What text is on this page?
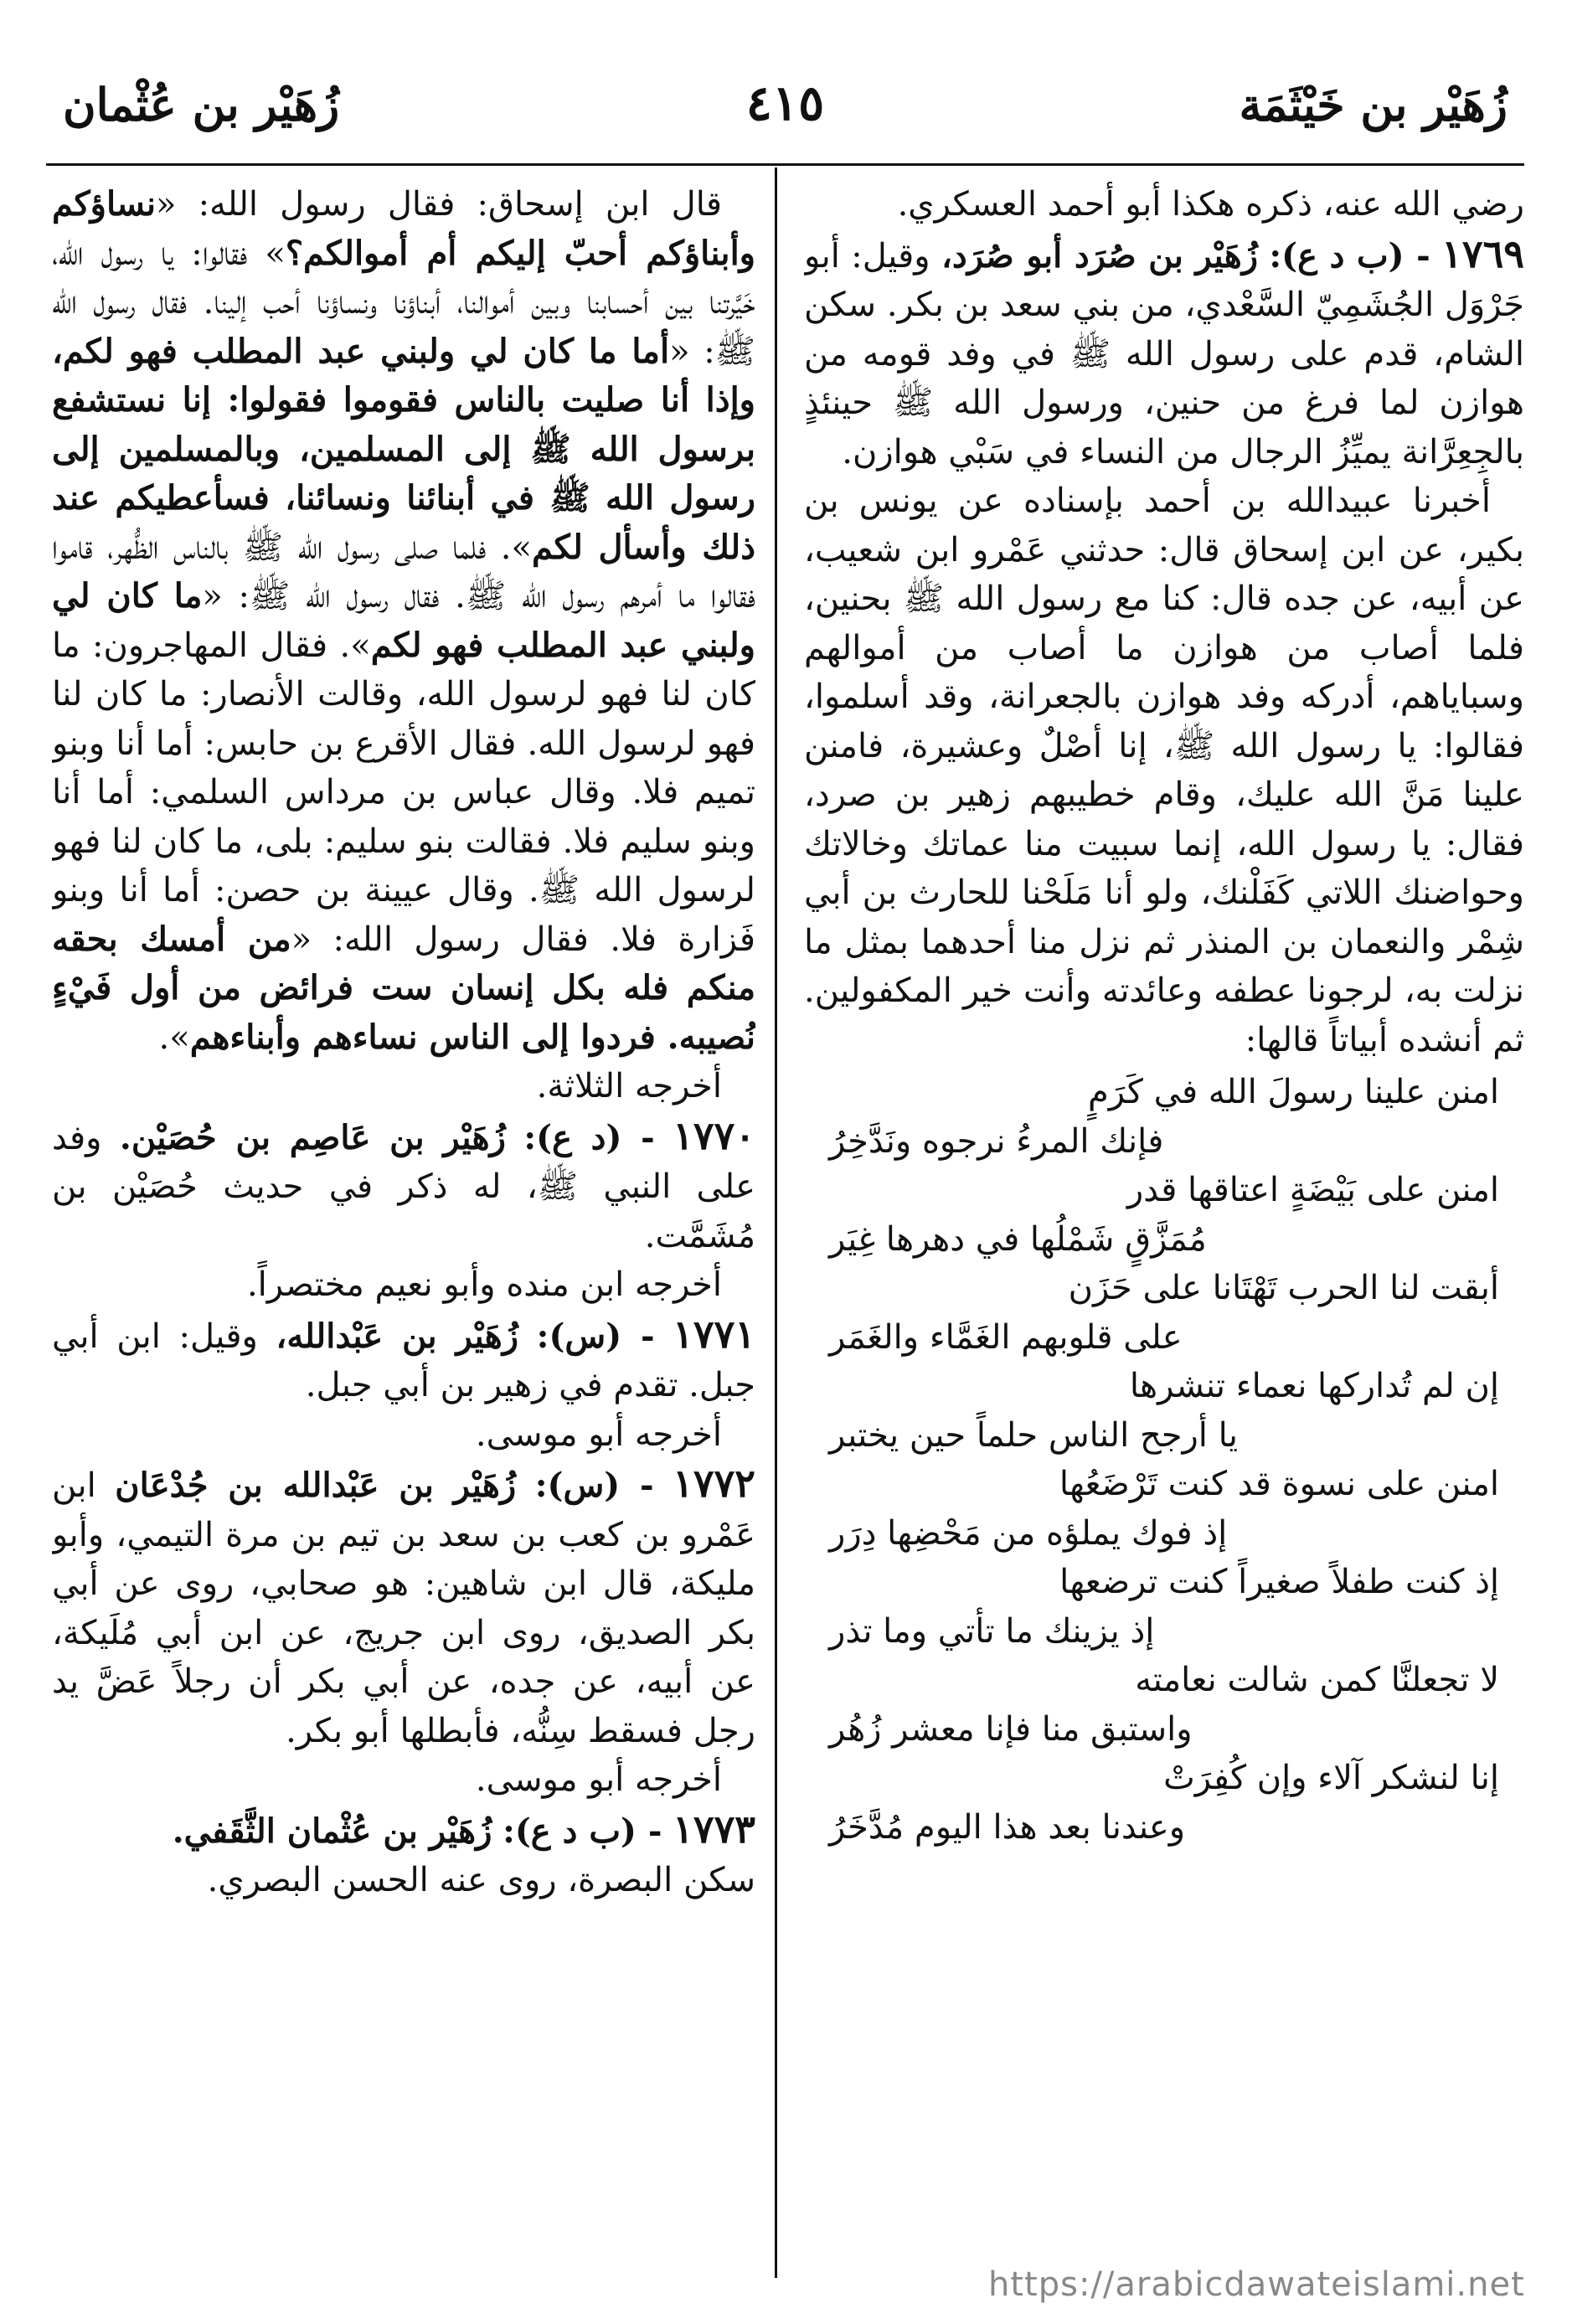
زُهَيْر بن خَيْثَمَة
٤١٥
زُهَيْر بن عُثْمان

رضي الله عنه، ذكره هكذا أبو أحمد العسكري.

١٧٦٩ - (ب د ع): زُهَيْر بن صُرَد أبو صُرَد، وقيل: أبو جَرْوَل الجُشَمِيّ السَّعْدي، من بني سعد بن بكر. سكن الشام، قدم على رسول الله ﷺ في وفد قومه من هوازن لما فرغ من حنين، ورسول الله ﷺ حينئذٍ بالجِعِرَّانة يميِّزُ الرجال من النساء في سَبْي هوازن.

أخبرنا عبيدالله بن أحمد بإسناده عن يونس بن بكير، عن ابن إسحاق قال: حدثني عَمْرو ابن شعيب، عن أبيه، عن جده قال: كنا مع رسول الله ﷺ بحنين، فلما أصاب من هوازن ما أصاب من أموالهم وسباياهم، أدركه وفد هوازن بالجعرانة، وقد أسلموا، فقالوا: يا رسول الله ﷺ، إنا أصْلٌ وعشيرة، فامنن علينا مَنَّ الله عليك، وقام خطيبهم زهير بن صرد، فقال: يا رسول الله، إنما سبيت منا عماتك وخالاتك وحواضنك اللاتي كَفَلْنك، ولو أنا مَلَحْنا للحارث بن أبي شِمْر والنعمان بن المنذر ثم نزل منا أحدهما بمثل ما نزلت به، لرجونا عطفه وعائدته وأنت خير المكفولين. ثم أنشده أبياتاً قالها:

امنن علينا رسولَ الله في كَرَمٍ
فإنك المرءُ نرجوه ونَدَّخِرُ
امنن على بَيْضَةٍ اعتاقها قدر
مُمَزَّقٍ شَمْلُها في دهرها غِيَر
أبقت لنا الحرب تَهْتَانا على حَزَن
على قلوبهم الغَمَّاء والغَمَر
إن لم تُداركها نعماء تنشرها
يا أرجح الناس حلماً حين يختبر
امنن على نسوة قد كنت تَرْضَعُها
إذ فوك يملؤه من مَحْضِها دِرَر
إذ كنت طفلاً صغيراً كنت ترضعها
إذ يزينك ما تأتي وما تذر
لا تجعلنَّا كمن شالت نعامته
واستبق منا فإنا معشر زُهُر
إنا لنشكر آلاء وإن كُفِرَتْ
وعندنا بعد هذا اليوم مُدَّخَرُ

قال ابن إسحاق: فقال رسول الله: «نساؤكم وأبناؤكم أحبّ إليكم أم أموالكم؟» فقالوا: يا رسول الله، خَيَّرتنا بين أحسابنا وبين أموالنا، أبناؤنا ونساؤنا أحب إلينا. فقال رسول الله ﷺ: «أما ما كان لي ولبني عبد المطلب فهو لكم، وإذا أنا صليت بالناس فقوموا فقولوا: إنا نستشفع برسول الله ﷺ إلى المسلمين، وبالمسلمين إلى رسول الله ﷺ في أبنائنا ونسائنا، فسأعطيكم عند ذلك وأسأل لكم». فلما صلى رسول الله ﷺ بالناس الظُّهر، قاموا فقالوا ما أمرهم رسول الله ﷺ. فقال رسول الله ﷺ: «ما كان لي ولبني عبد المطلب فهو لكم». فقال المهاجرون: ما كان لنا فهو لرسول الله، وقالت الأنصار: ما كان لنا فهو لرسول الله. فقال الأقرع بن حابس: أما أنا وبنو تميم فلا. وقال عباس بن مرداس السلمي: أما أنا وبنو سليم فلا. فقالت بنو سليم: بلى، ما كان لنا فهو لرسول الله ﷺ. وقال عيينة بن حصن: أما أنا وبنو فَزارة فلا. فقال رسول الله: «من أمسك بحقه منكم فله بكل إنسان ست فرائض من أول فَيْءٍ نُصيبه. فردوا إلى الناس نساءهم وأبناءهم».

أخرجه الثلاثة.

١٧٧٠ - (د ع): زُهَيْر بن عَاصِم بن حُصَيْن. وفد على النبي ﷺ، له ذكر في حديث حُصَيْن بن مُشَمَّت.

أخرجه ابن منده وأبو نعيم مختصراً.

١٧٧١ - (س): زُهَيْر بن عَبْدالله، وقيل: ابن أبي جبل. تقدم في زهير بن أبي جبل.

أخرجه أبو موسى.

١٧٧٢ - (س): زُهَيْر بن عَبْدالله بن جُدْعَان ابن عَمْرو بن كعب بن سعد بن تيم بن مرة التيمي، وأبو مليكة، قال ابن شاهين: هو صحابي، روى عن أبي بكر الصديق، روى ابن جريج، عن ابن أبي مُلَيكة، عن أبيه، عن جده، عن أبي بكر أن رجلاً عَضَّ يد رجل فسقط سِنُّه، فأبطلها أبو بكر.

أخرجه أبو موسى.

١٧٧٣ - (ب د ع): زُهَيْر بن عُثْمان الثَّقَفي.

سكن البصرة، روى عنه الحسن البصري.

https://arabicdawateislami.net
